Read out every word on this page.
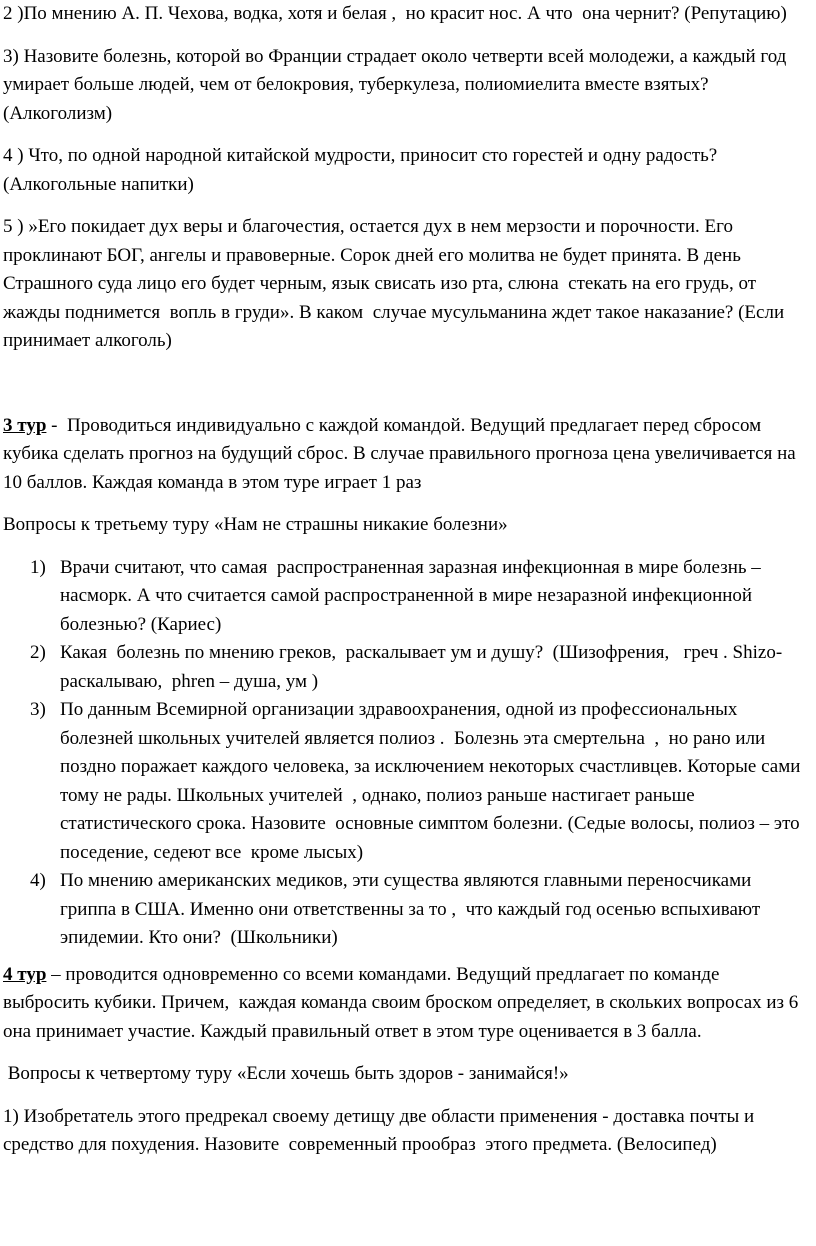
2 )По мнению А. П. Чехова, водка, хотя и белая ,  но красит нос. А что  она чернит? (Репутацию)

3) Назовите болезнь, которой во Франции страдает около четверти всей молодежи, а каждый год умирает больше людей, чем от белокровия, туберкулеза, полиомиелита вместе взятых? (Алкоголизм)

4 ) Что, по одной народной китайской мудрости, приносит сто горестей и одну радость? (Алкогольные напитки)

5 ) »Его покидает дух веры и благочестия, остается дух в нем мерзости и порочности. Его проклинают БОГ, ангелы и правоверные. Сорок дней его молитва не будет принята. В день Страшного суда лицо его будет черным, язык свисать изо рта, слюна  стекать на его грудь, от жажды поднимется  вопль в груди». В каком  случае мусульманина ждет такое наказание? (Если принимает алкоголь)

3 тур -  Проводиться индивидуально с каждой командой. Ведущий предлагает перед сбросом  кубика сделать прогноз на будущий сброс. В случае правильного прогноза цена увеличивается на 10 баллов. Каждая команда в этом туре играет 1 раз

Вопросы к третьему туру «Нам не страшны никакие болезни»

1) Врачи считают, что самая  распространенная заразная инфекционная в мире болезнь – насморк. А что считается самой распространенной в мире незаразной инфекционной болезнью? (Кариес)
2) Какая  болезнь по мнению греков,  раскалывает ум и душу?  (Шизофрения,   греч . Shizo- раскалываю,  phren – душа, ум )
3) По данным Всемирной организации здравоохранения, одной из профессиональных болезней школьных учителей является полиоз .  Болезнь эта смертельна  ,  но рано или поздно поражает каждого человека, за исключением некоторых счастливцев. Которые сами тому не рады. Школьных учителей  , однако, полиоз раньше настигает раньше статистического срока. Назовите  основные симптом болезни. (Седые волосы, полиоз – это поседение, седеют все  кроме лысых)
4) По мнению американских медиков, эти существа являются главными переносчиками гриппа в США. Именно они ответственны за то ,  что каждый год осенью вспыхивают эпидемии. Кто они?  (Школьники)

4 тур – проводится одновременно со всеми командами. Ведущий предлагает по команде выбросить кубики. Причем,  каждая команда своим броском определяет, в скольких вопросах из 6 она принимает участие. Каждый правильный ответ в этом туре оценивается в 3 балла.

Вопросы к четвертому туру «Если хочешь быть здоров - занимайся!»

1) Изобретатель этого предрекал своему детищу две области применения - доставка почты и средство для похудения. Назовите  современный прообраз  этого предмета. (Велосипед)
